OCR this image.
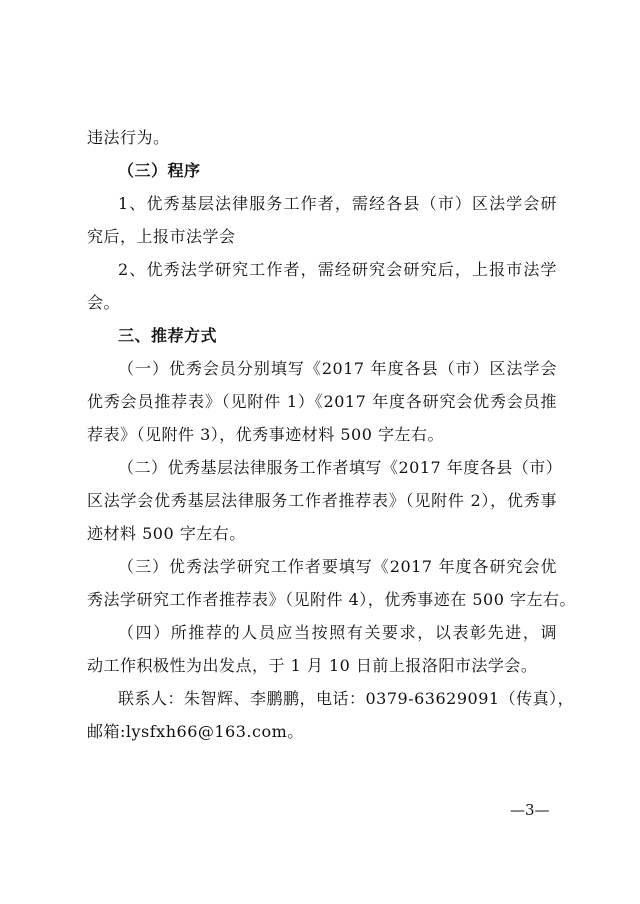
违法行为。
（三）程序
1、优秀基层法律服务工作者，需经各县（市）区法学会研
究后，上报市法学会
2、优秀法学研究工作者，需经研究会研究后，上报市法学
会。
三、推荐方式
（一）优秀会员分别填写《2017 年度各县（市）区法学会
优秀会员推荐表》（见附件 1）《2017 年度各研究会优秀会员推
荐表》（见附件 3），优秀事迹材料 500 字左右。
（二）优秀基层法律服务工作者填写《2017 年度各县（市）
区法学会优秀基层法律服务工作者推荐表》（见附件 2），优秀事
迹材料 500 字左右。
（三）优秀法学研究工作者要填写《2017 年度各研究会优
秀法学研究工作者推荐表》（见附件 4），优秀事迹在 500 字左右。
（四）所推荐的人员应当按照有关要求，以表彰先进，调
动工作积极性为出发点，于 1 月 10 日前上报洛阳市法学会。
联系人：朱智辉、李鹏鹏，电话：0379-63629091（传真），
邮箱:lysfxh66@163.com。
—3—
